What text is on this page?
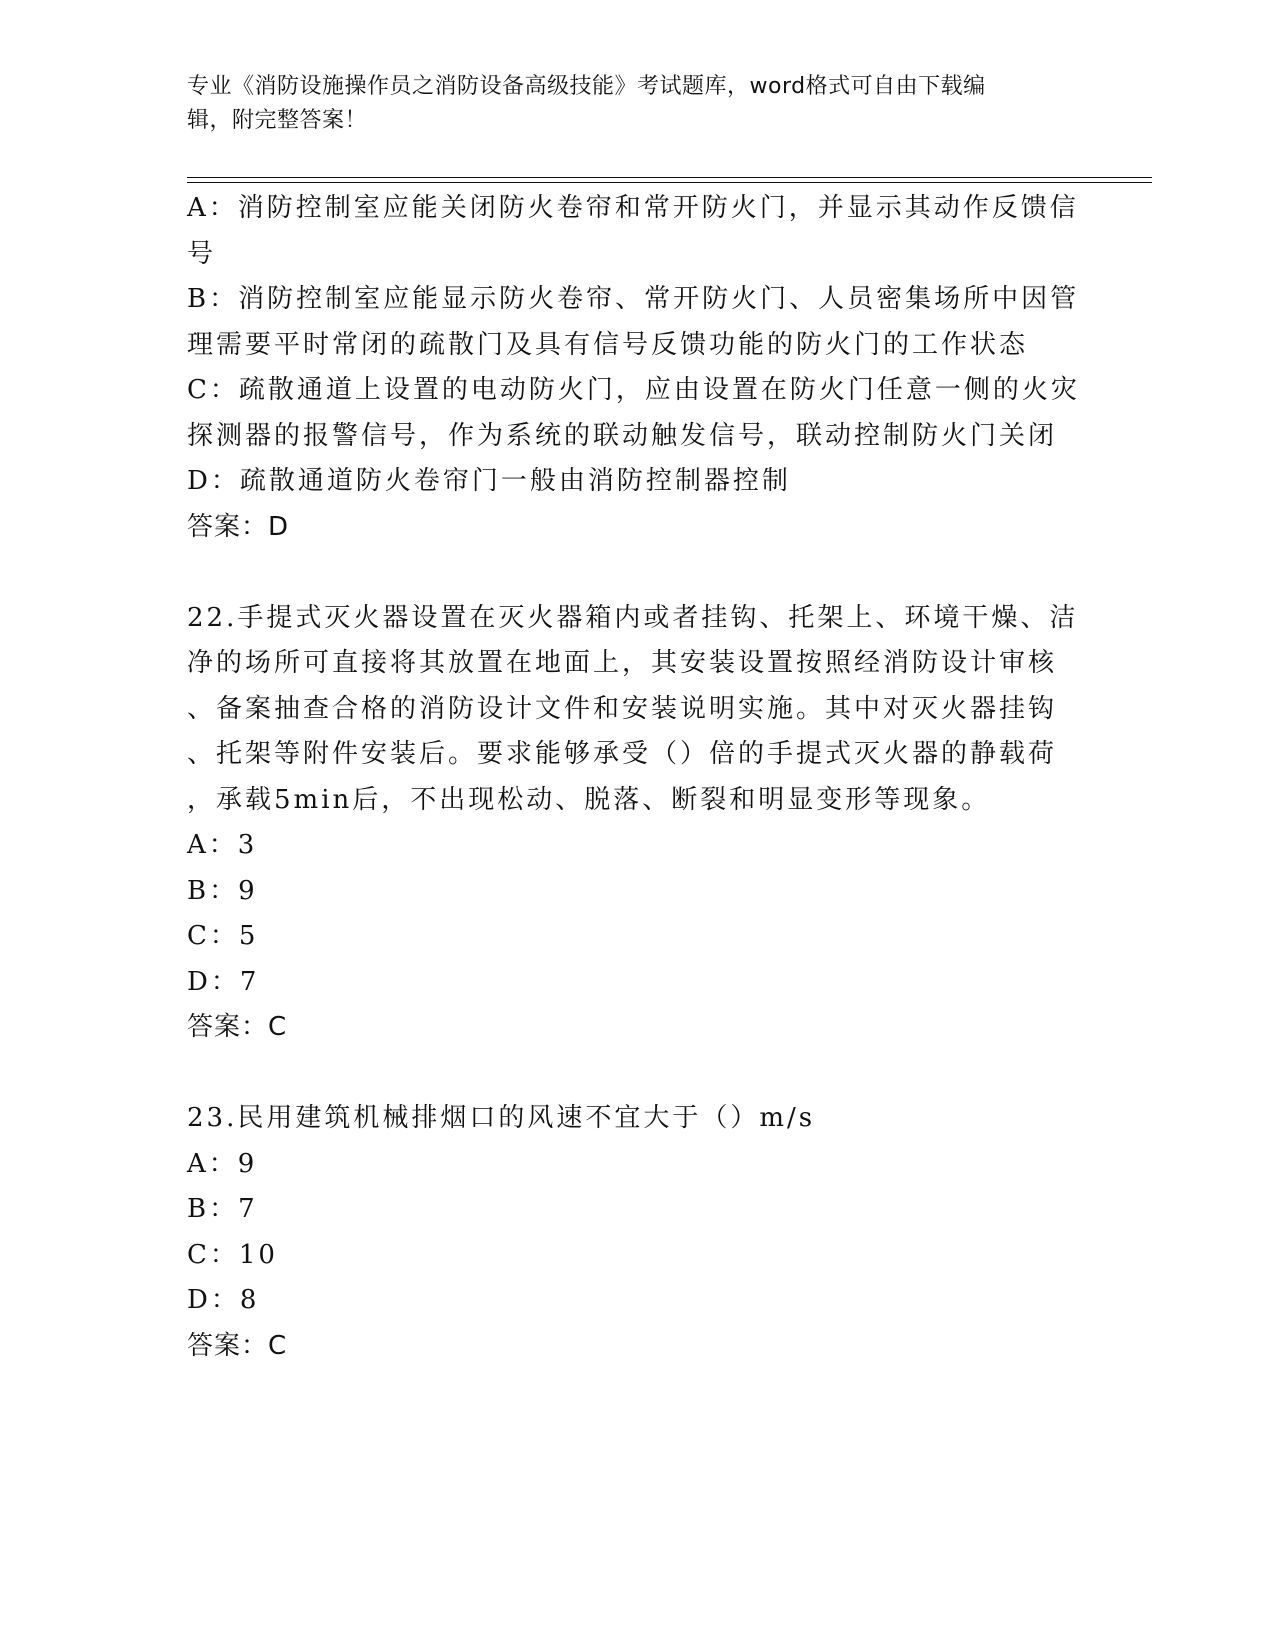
专业《消防设施操作员之消防设备高级技能》考试题库，word格式可自由下载编
辑，附完整答案！
A：消防控制室应能关闭防火卷帘和常开防火门，并显示其动作反馈信
号
B：消防控制室应能显示防火卷帘、常开防火门、人员密集场所中因管
理需要平时常闭的疏散门及具有信号反馈功能的防火门的工作状态
C：疏散通道上设置的电动防火门，应由设置在防火门任意一侧的火灾
探测器的报警信号，作为系统的联动触发信号，联动控制防火门关闭
D：疏散通道防火卷帘门一般由消防控制器控制
答案：D
22.手提式灭火器设置在灭火器箱内或者挂钩、托架上、环境干燥、洁
净的场所可直接将其放置在地面上，其安装设置按照经消防设计审核
、备案抽查合格的消防设计文件和安装说明实施。其中对灭火器挂钩
、托架等附件安装后。要求能够承受（）倍的手提式灭火器的静载荷
，承载5min后，不出现松动、脱落、断裂和明显变形等现象。
A：3
B：9
C：5
D：7
答案：C
23.民用建筑机械排烟口的风速不宜大于（）m/s
A：9
B：7
C：10
D：8
答案：C
